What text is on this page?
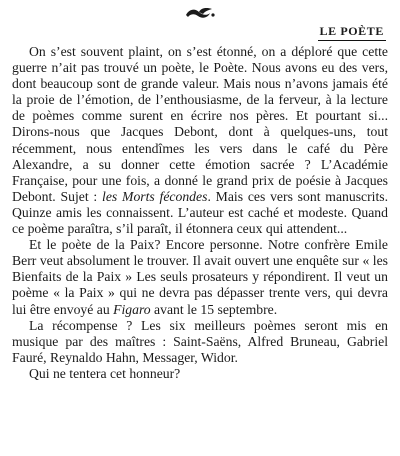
LE POÈTE

On s’est souvent plaint, on s’est étonné, on a déploré que cette guerre n’ait pas trouvé un poète, le Poète. Nous avons eu des vers, dont beaucoup sont de grande valeur. Mais nous n’avons jamais été la proie de l’émotion, de l’enthousiasme, de la ferveur, à la lecture de poèmes comme surent en écrire nos pères. Et pourtant si... Dirons-nous que Jacques Debont, dont à quelques-uns, tout récemment, nous entendîmes les vers dans le café du Père Alexandre, a su donner cette émotion sacrée ? L’Académie Française, pour une fois, a donné le grand prix de poésie à Jacques Debont. Sujet : les Morts fécondes. Mais ces vers sont manuscrits. Quinze amis les connaissent. L’auteur est caché et modeste. Quand ce poème paraîtra, s’il paraît, il étonnera ceux qui attendent...

Et le poète de la Paix? Encore personne. Notre confrère Emile Berr veut absolument le trouver. Il avait ouvert une enquête sur « les Bienfaits de la Paix » Les seuls prosateurs y répondirent. Il veut un poème « la Paix » qui ne devra pas dépasser trente vers, qui devra lui être envoyé au Figaro avant le 15 septembre.

La récompense ? Les six meilleurs poèmes seront mis en musique par des maîtres : Saint-Saëns, Alfred Bruneau, Gabriel Fauré, Reynaldo Hahn, Messager, Widor.

Qui ne tentera cet honneur?
